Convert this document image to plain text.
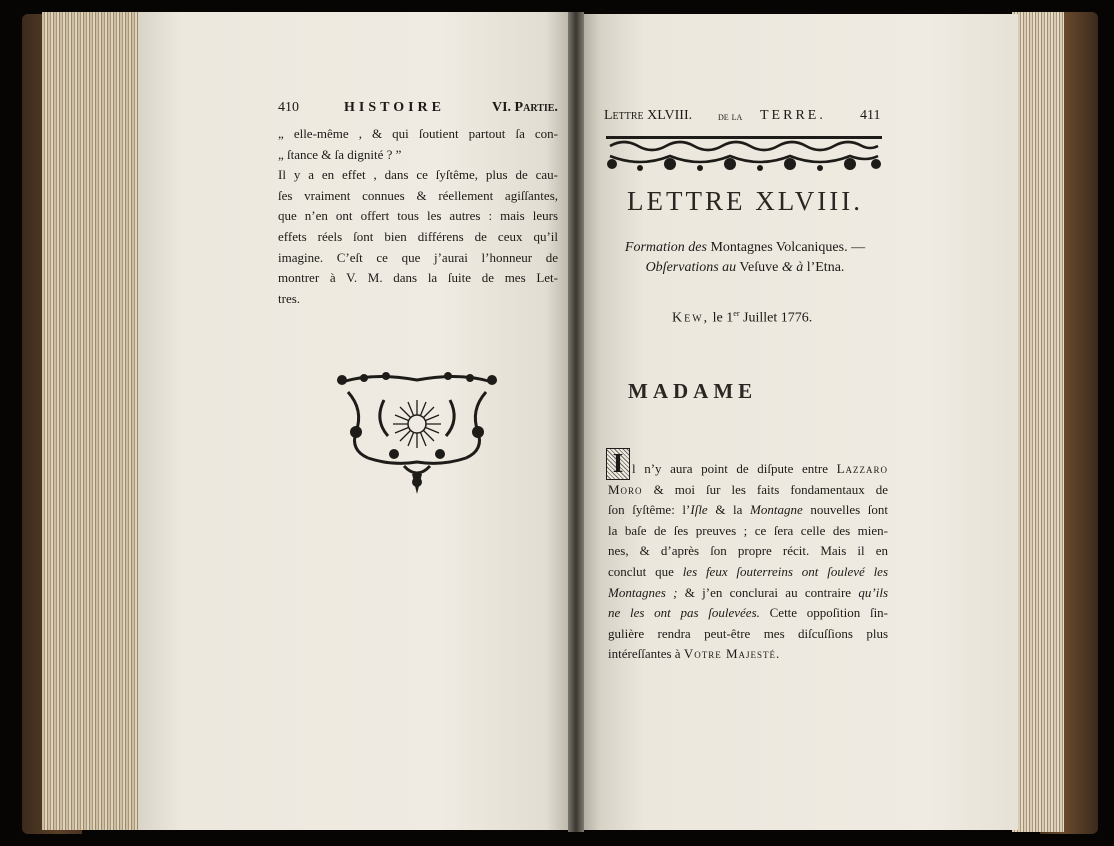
410	HISTOIRE	VI. Partie.
„ elle-même , & qui ſoutient partout ſa con-
„ ſtance & ſa dignité ? ”
Il y a en effet , dans ce ſyſtême, plus de cau-
ſes vraiment connues & réellement agiſſantes,
que n’en ont offert tous les autres : mais leurs
effets réels ſont bien différens de ceux qu’il
imagine. C’eſt ce que j’aurai l’honneur de
montrer à V. M. dans la ſuite de mes Let-
tres.
Lettre XLVIII. de la TERRE. 411
LETTRE XLVIII.
Formation des Montagnes Volcaniques. —
Obſervations au Veſuve & à l’Etna.
Kew, le 1er Juillet 1776.
MADAME
I l n’y aura point de diſpute entre Lazzaro
Moro & moi ſur les faits fondamentaux de
ſon ſyſtême: l’Iſle & la Montagne nouvelles ſont
la baſe de ſes preuves ; ce ſera celle des mien-
nes, & d’après ſon propre récit. Mais il en
conclut que les feux ſouterreins ont ſoulevé les
Montagnes ; & j’en conclurai au contraire qu’ils
ne les ont pas ſoulevées. Cette oppoſition ſin-
gulière rendra peut-être mes diſcuſſions plus
intéreſſantes à Votre Majesté.
